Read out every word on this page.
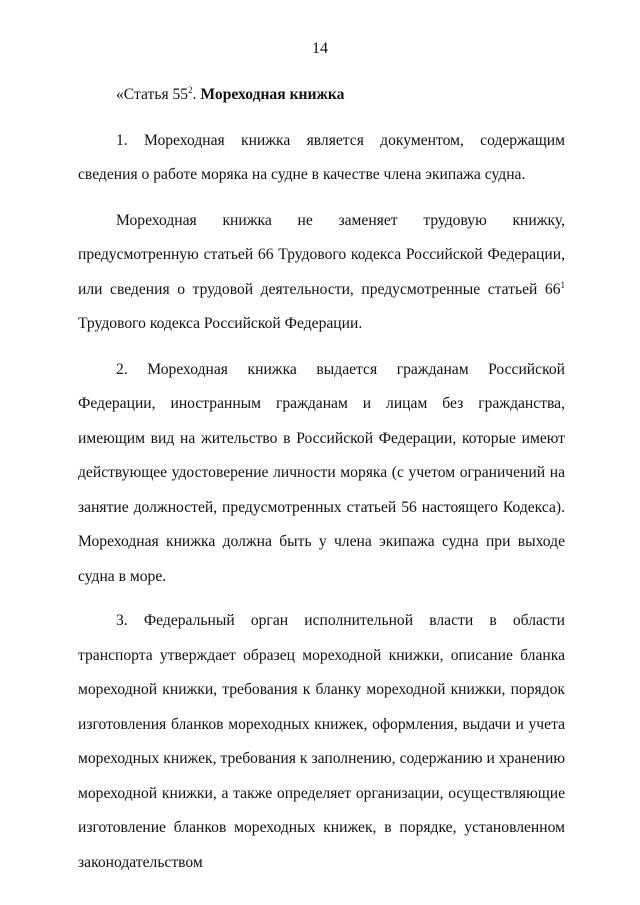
14
«Статья $55^2$. Мореходная книжка

1. Мореходная книжка является документом, содержащим сведения о работе моряка на судне в качестве члена экипажа судна.

Мореходная книжка не заменяет трудовую книжку, предусмотренную статьей 66 Трудового кодекса Российской Федерации, или сведения о трудовой деятельности, предусмотренные статьей $66^1$ Трудового кодекса Российской Федерации.

2. Мореходная книжка выдается гражданам Российской Федерации, иностранным гражданам и лицам без гражданства, имеющим вид на жительство в Российской Федерации, которые имеют действующее удостоверение личности моряка (с учетом ограничений на занятие должностей, предусмотренных статьей 56 настоящего Кодекса). Мореходная книжка должна быть у члена экипажа судна при выходе судна в море.

3. Федеральный орган исполнительной власти в области транспорта утверждает образец мореходной книжки, описание бланка мореходной книжки, требования к бланку мореходной книжки, порядок изготовления бланков мореходных книжек, оформления, выдачи и учета мореходных книжек, требования к заполнению, содержанию и хранению мореходной книжки, а также определяет организации, осуществляющие изготовление бланков мореходных книжек, в порядке, установленном законодательством
